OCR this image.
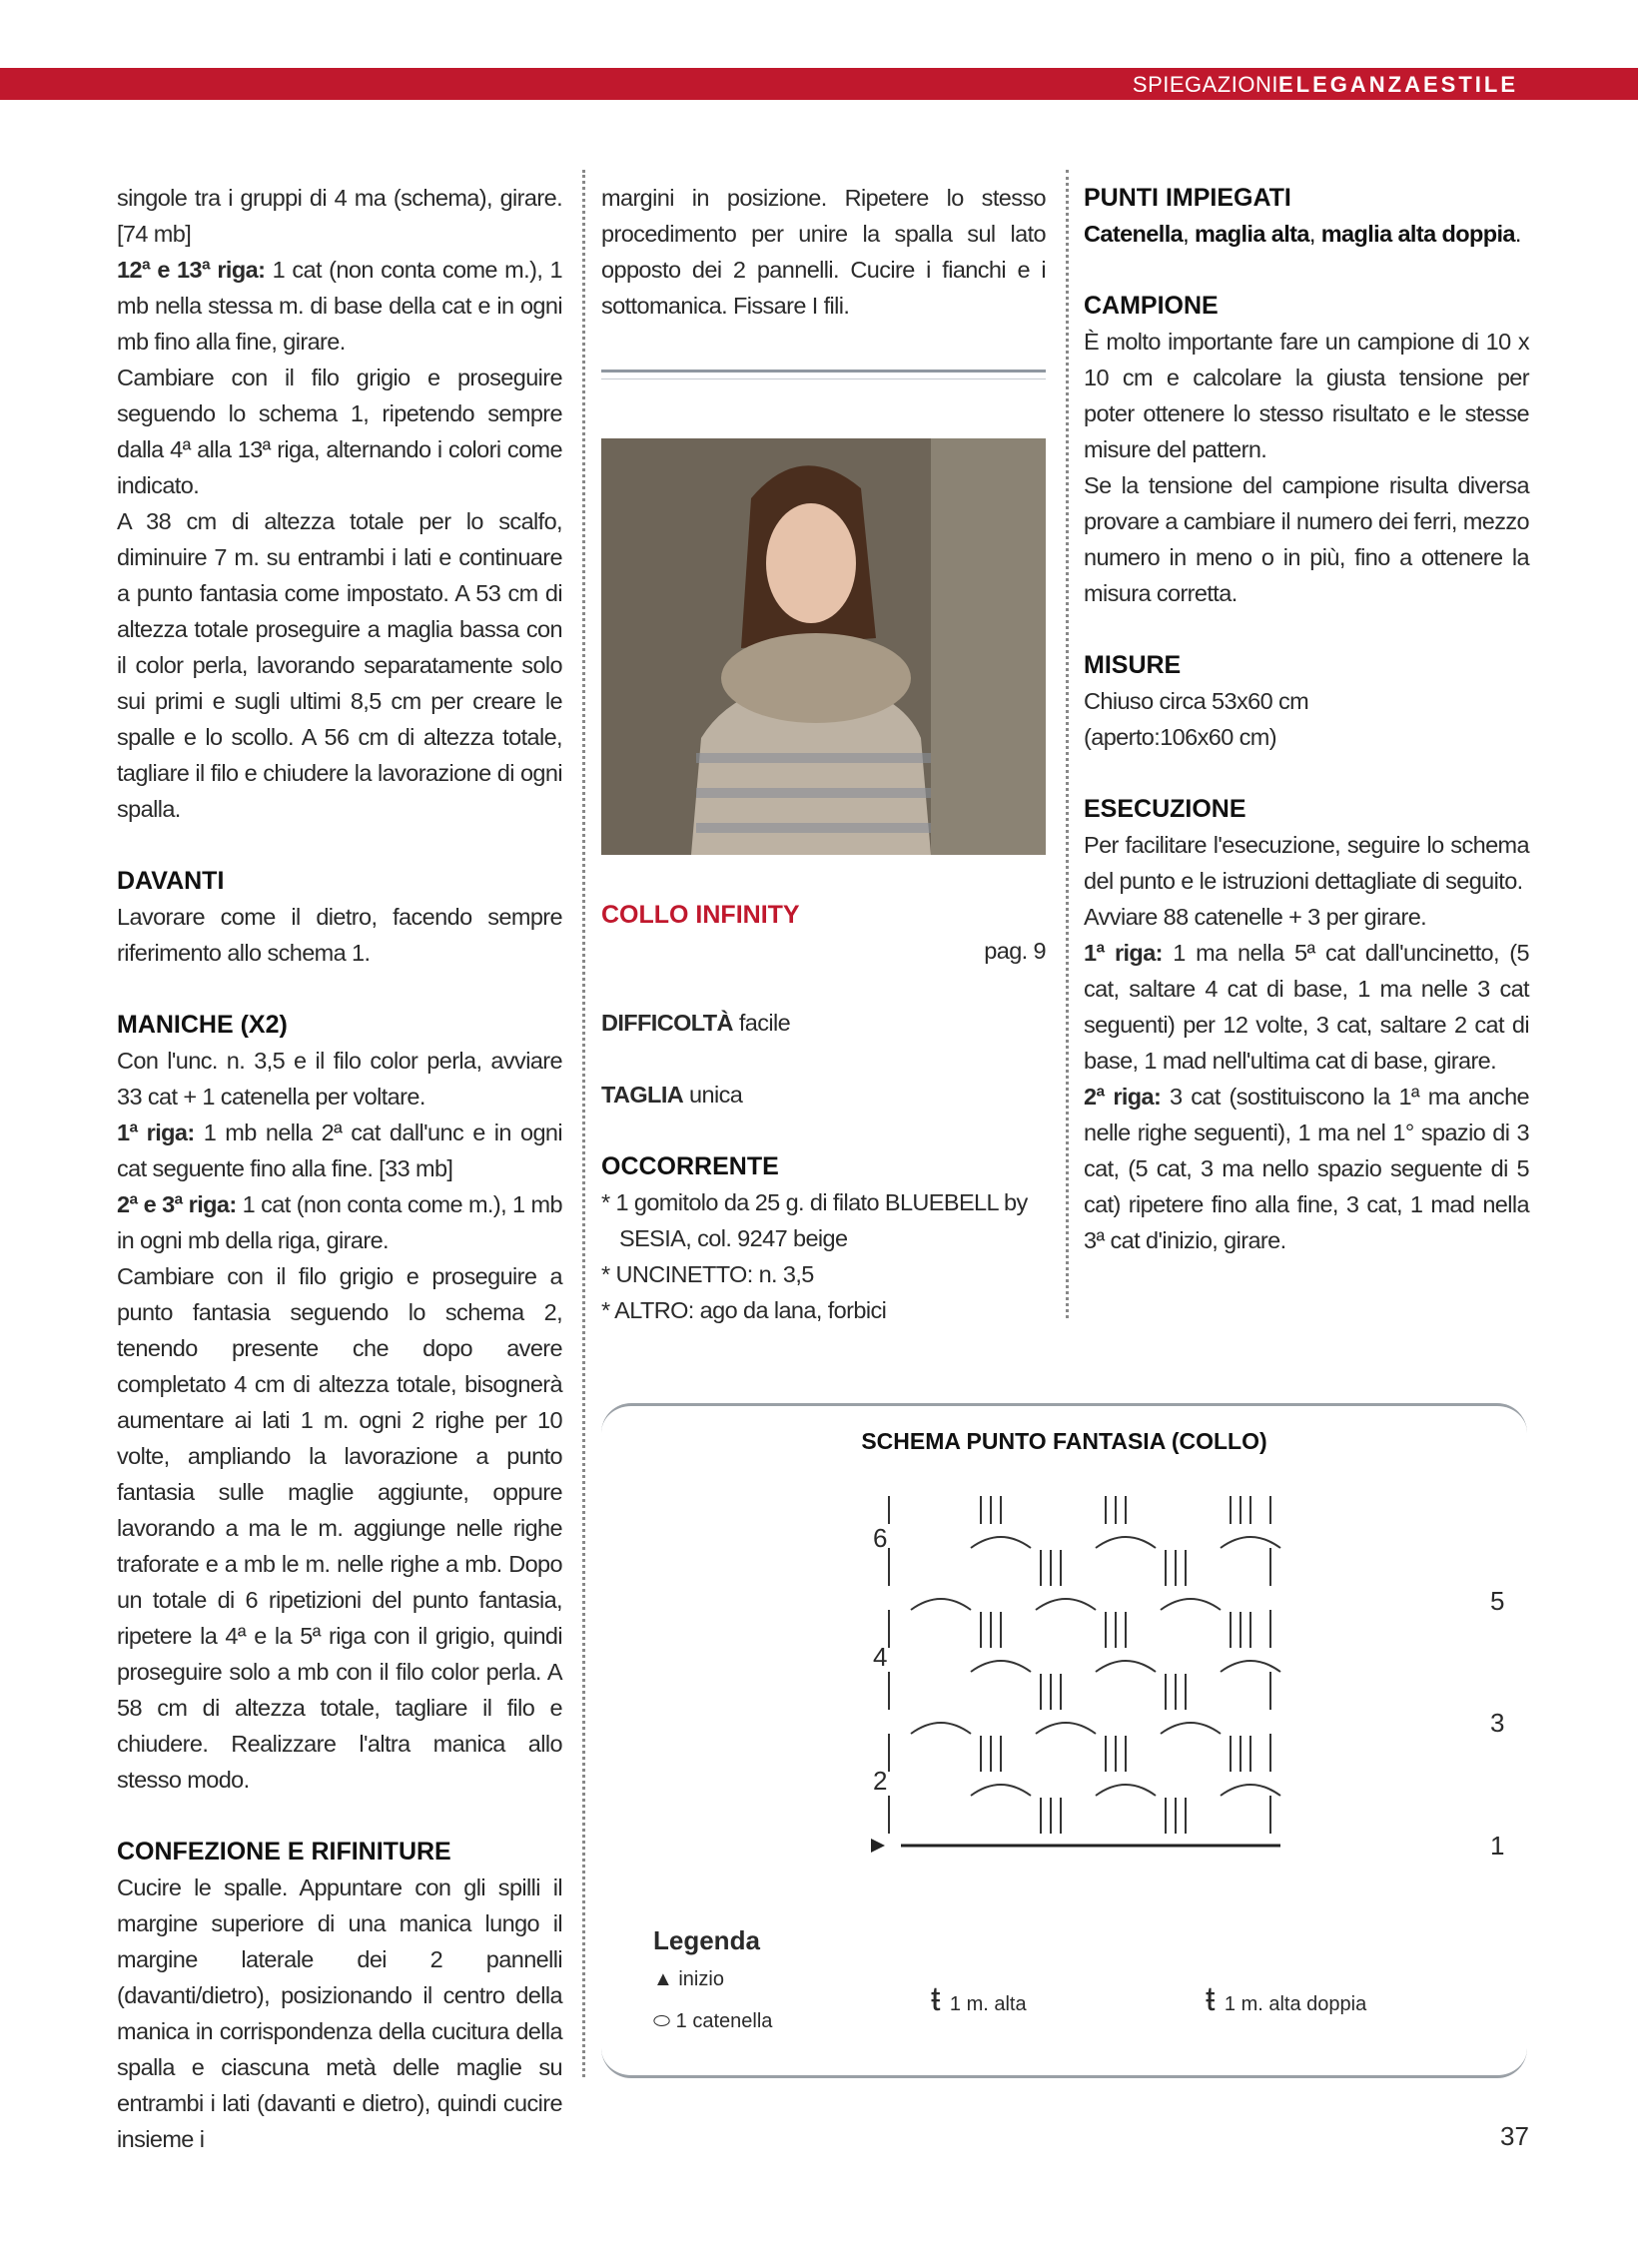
SPIEGAZIONIELEGANZAESTILE

singole tra i gruppi di 4 ma (schema), girare. [74 mb]

12ª e 13ª riga: 1 cat (non conta come m.), 1 mb nella stessa m. di base della cat e in ogni mb fino alla fine, girare.

Cambiare con il filo grigio e proseguire seguendo lo schema 1, ripetendo sempre dalla 4ª alla 13ª riga, alternando i colori come indicato.

A 38 cm di altezza totale per lo scalfo, diminuire 7 m. su entrambi i lati e continuare a punto fantasia come impostato. A 53 cm di altezza totale proseguire a maglia bassa con il color perla, lavorando separatamente solo sui primi e sugli ultimi 8,5 cm per creare le spalle e lo scollo. A 56 cm di altezza totale, tagliare il filo e chiudere la lavorazione di ogni spalla.

DAVANTI

Lavorare come il dietro, facendo sempre riferimento allo schema 1.

MANICHE (X2)

Con l'unc. n. 3,5 e il filo color perla, avviare 33 cat + 1 catenella per voltare.

1ª riga: 1 mb nella 2ª cat dall'unc e in ogni cat seguente fino alla fine. [33 mb]

2ª e 3ª riga: 1 cat (non conta come m.), 1 mb in ogni mb della riga, girare.

Cambiare con il filo grigio e proseguire a punto fantasia seguendo lo schema 2, tenendo presente che dopo avere completato 4 cm di altezza totale, bisognerà aumentare ai lati 1 m. ogni 2 righe per 10 volte, ampliando la lavorazione a punto fantasia sulle maglie aggiunte, oppure lavorando a ma le m. aggiunge nelle righe traforate e a mb le m. nelle righe a mb. Dopo un totale di 6 ripetizioni del punto fantasia, ripetere la 4ª e la 5ª riga con il grigio, quindi proseguire solo a mb con il filo color perla. A 58 cm di altezza totale, tagliare il filo e chiudere. Realizzare l'altra manica allo stesso modo.

CONFEZIONE E RIFINITURE

Cucire le spalle. Appuntare con gli spilli il margine superiore di una manica lungo il margine laterale dei 2 pannelli (davanti/dietro), posizionando il centro della manica in corrispondenza della cucitura della spalla e ciascuna metà delle maglie su entrambi i lati (davanti e dietro), quindi cucire insieme i

margini in posizione. Ripetere lo stesso procedimento per unire la spalla sul lato opposto dei 2 pannelli. Cucire i fianchi e i sottomanica. Fissare I fili.

COLLO INFINITY

pag. 9

DIFFICOLTÀ facile

TAGLIA unica

OCCORRENTE

* 1 gomitolo da 25 g. di filato BLUEBELL by SESIA, col. 9247 beige

* UNCINETTO: n. 3,5

* ALTRO: ago da lana, forbici

PUNTI IMPIEGATI

Catenella, maglia alta, maglia alta doppia.

CAMPIONE

È molto importante fare un campione di 10 x 10 cm e calcolare la giusta tensione per poter ottenere lo stesso risultato e le stesse misure del pattern.

Se la tensione del campione risulta diversa provare a cambiare il numero dei ferri, mezzo numero in meno o in più, fino a ottenere la misura corretta.

MISURE

Chiuso circa 53x60 cm

(aperto:106x60 cm)

ESECUZIONE

Per facilitare l'esecuzione, seguire lo schema del punto e le istruzioni dettagliate di seguito.

Avviare 88 catenelle + 3 per girare.

1ª riga: 1 ma nella 5ª cat dall'uncinetto, (5 cat, saltare 4 cat di base, 1 ma nelle 3 cat seguenti) per 12 volte, 3 cat, saltare 2 cat di base, 1 mad nell'ultima cat di base, girare.

2ª riga: 3 cat (sostituiscono la 1ª ma anche nelle righe seguenti), 1 ma nel 1° spazio di 3 cat, (5 cat, 3 ma nello spazio seguente di 5 cat) ripetere fino alla fine, 3 cat, 1 mad nella 3ª cat d'inizio, girare.

SCHEMA PUNTO FANTASIA (COLLO)
6
4
2
5
3
1
Legenda
▲ inizio
⬭ 1 catenella
ŧ 1 m. alta	ŧ 1 m. alta doppia
37
